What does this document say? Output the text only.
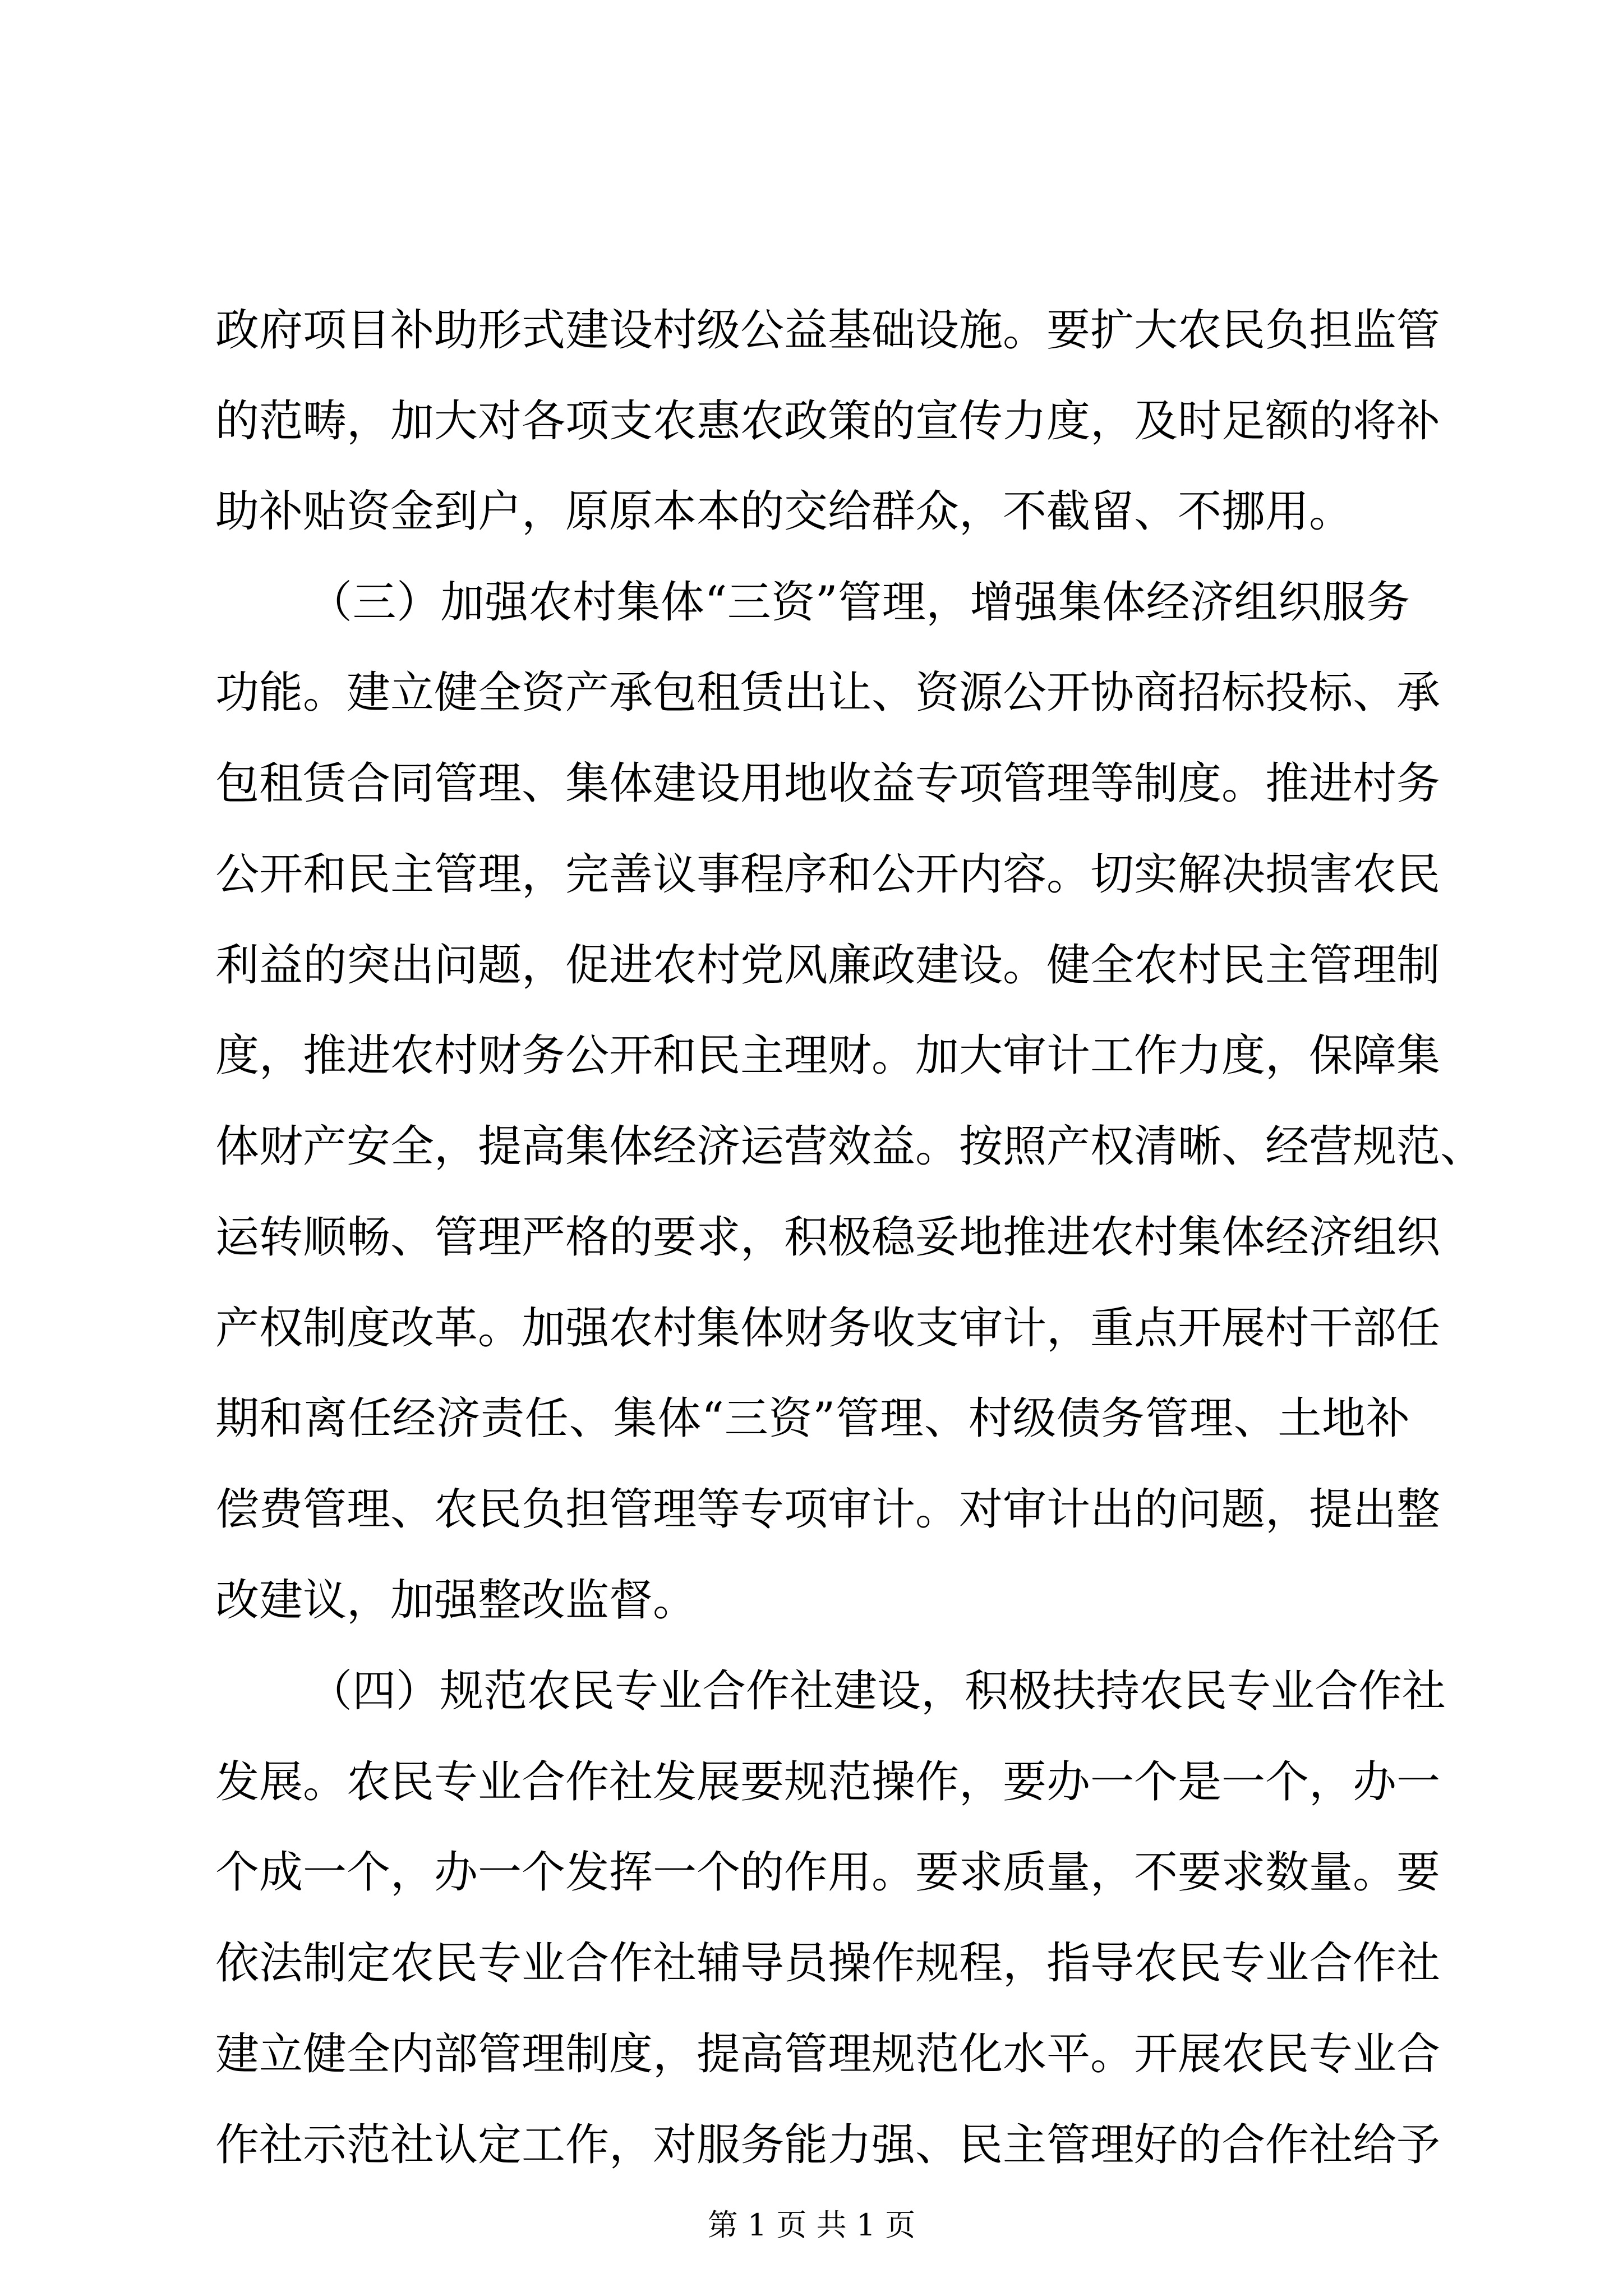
政府项目补助形式建设村级公益基础设施。要扩大农民负担监管
的范畴，加大对各项支农惠农政策的宣传力度，及时足额的将补
助补贴资金到户，原原本本的交给群众，不截留、不挪用。
（三）加强农村集体“三资”管理，增强集体经济组织服务
功能。建立健全资产承包租赁出让、资源公开协商招标投标、承
包租赁合同管理、集体建设用地收益专项管理等制度。推进村务
公开和民主管理，完善议事程序和公开内容。切实解决损害农民
利益的突出问题，促进农村党风廉政建设。健全农村民主管理制
度，推进农村财务公开和民主理财。加大审计工作力度，保障集
体财产安全，提高集体经济运营效益。按照产权清晰、经营规范、
运转顺畅、管理严格的要求，积极稳妥地推进农村集体经济组织
产权制度改革。加强农村集体财务收支审计，重点开展村干部任
期和离任经济责任、集体“三资”管理、村级债务管理、土地补
偿费管理、农民负担管理等专项审计。对审计出的问题，提出整
改建议，加强整改监督。
（四）规范农民专业合作社建设，积极扶持农民专业合作社
发展。农民专业合作社发展要规范操作，要办一个是一个，办一
个成一个，办一个发挥一个的作用。要求质量，不要求数量。要
依法制定农民专业合作社辅导员操作规程，指导农民专业合作社
建立健全内部管理制度，提高管理规范化水平。开展农民专业合
作社示范社认定工作，对服务能力强、民主管理好的合作社给予
第 1 页 共 1 页
